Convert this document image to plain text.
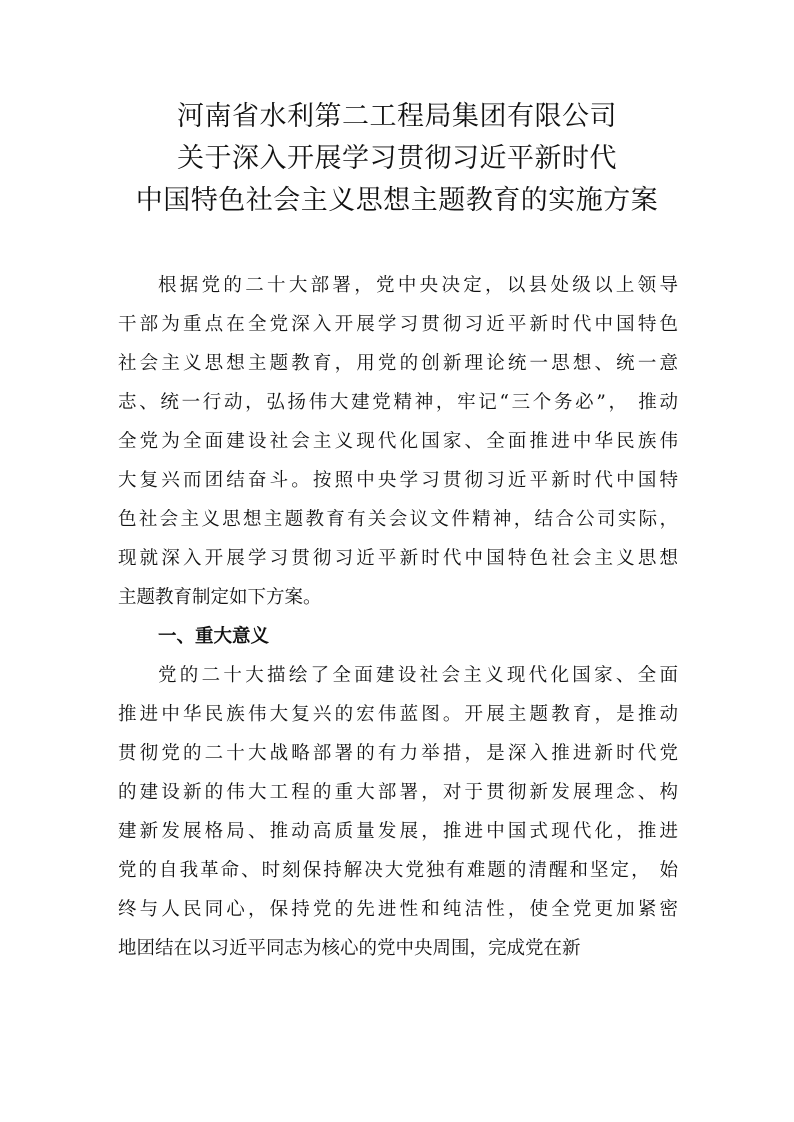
河南省水利第二工程局集团有限公司
关于深入开展学习贯彻习近平新时代
中国特色社会主义思想主题教育的实施方案
根据党的二十大部署，党中央决定，以县处级以上领导
干部为重点在全党深入开展学习贯彻习近平新时代中国特色
社会主义思想主题教育，用党的创新理论统一思想、统一意
志、统一行动，弘扬伟大建党精神，牢记“三个务必”， 推动
全党为全面建设社会主义现代化国家、全面推进中华民族伟
大复兴而团结奋斗。按照中央学习贯彻习近平新时代中国特
色社会主义思想主题教育有关会议文件精神，结合公司实际，
现就深入开展学习贯彻习近平新时代中国特色社会主义思想
主题教育制定如下方案。
一、重大意义
党的二十大描绘了全面建设社会主义现代化国家、全面
推进中华民族伟大复兴的宏伟蓝图。开展主题教育，是推动
贯彻党的二十大战略部署的有力举措，是深入推进新时代党
的建设新的伟大工程的重大部署，对于贯彻新发展理念、构
建新发展格局、推动高质量发展，推进中国式现代化，推进
党的自我革命、时刻保持解决大党独有难题的清醒和坚定， 始
终与人民同心，保持党的先进性和纯洁性，使全党更加紧密
地团结在以习近平同志为核心的党中央周围，完成党在新
